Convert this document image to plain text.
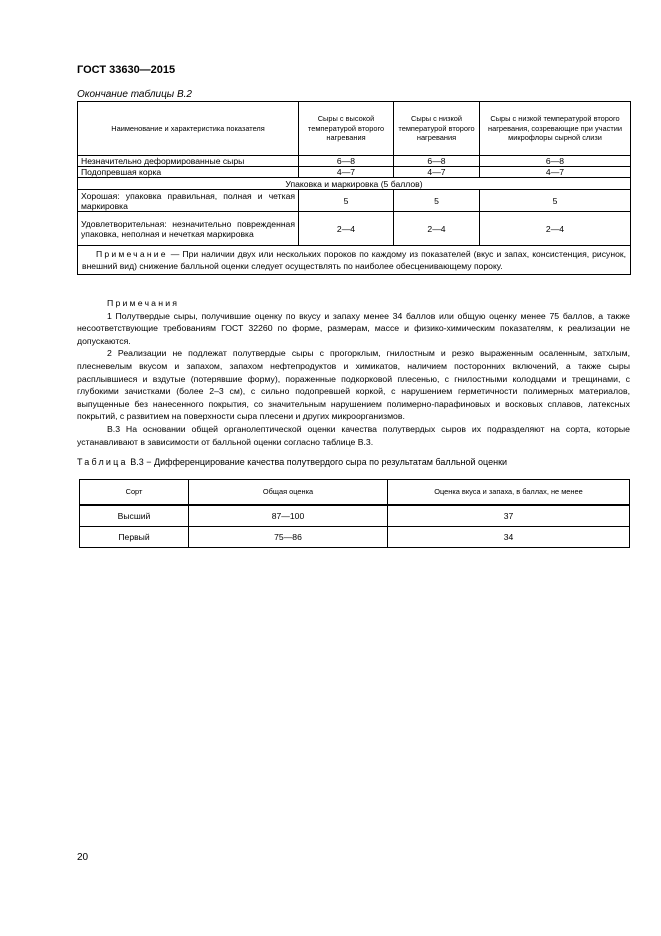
ГОСТ 33630—2015
Окончание таблицы В.2
Наименование и характеристика показателя	Сыры с высокой температурой второго нагревания	Сыры с низкой температурой второго нагревания	Сыры с низкой температурой второго нагревания, созревающие при участии микрофлоры сырной слизи
Незначительно деформированные сыры	6—8	6—8	6—8
Подопревшая корка	4—7	4—7	4—7
Упаковка и маркировка (5 баллов)			
Хорошая: упаковка правильная, полная и четкая маркировка	5	5	5
Удовлетворительная: незначительно поврежденная упаковка, неполная и нечеткая маркировка	2—4	2—4	2—4
Примечание — При наличии двух или нескольких пороков по каждому из показателей (вкус и запах, консистенция, рисунок, внешний вид) снижение балльной оценки следует осуществлять по наиболее обесценивающему пороку.			

Примечания

1 Полутвердые сыры, получившие оценку по вкусу и запаху менее 34 баллов или общую оценку менее 75 баллов, а также несоответствующие требованиям ГОСТ 32260 по форме, размерам, массе и физико-химическим показателям, к реализации не допускаются.

2 Реализации не подлежат полутвердые сыры с прогорклым, гнилостным и резко выраженным осаленным, затхлым, плесневелым вкусом и запахом, запахом нефтепродуктов и химикатов, наличием посторонних включений, а также сыры расплывшиеся и вздутые (потерявшие форму), пораженные подкорковой плесенью, с гнилостными колодцами и трещинами, с глубокими зачистками (более 2–3 см), с сильно подопревшей коркой, с нарушением герметичности полимерных материалов, выпущенные без нанесенного покрытия, со значительным нарушением полимерно-парафиновых и восковых сплавов, латексных покрытий, с развитием на поверхности сыра плесени и других микроорганизмов.

В.3 На основании общей органолептической оценки качества полутвердых сыров их подразделяют на сорта, которые устанавливают в зависимости от балльной оценки согласно таблице В.3.

Таблица В.3 − Дифференцирование качества полутвердого сыра по результатам балльной оценки
Сорт	Общая оценка	Оценка вкуса и запаха, в баллах, не менее
Высший	87—100	37
Первый	75—86	34
20
